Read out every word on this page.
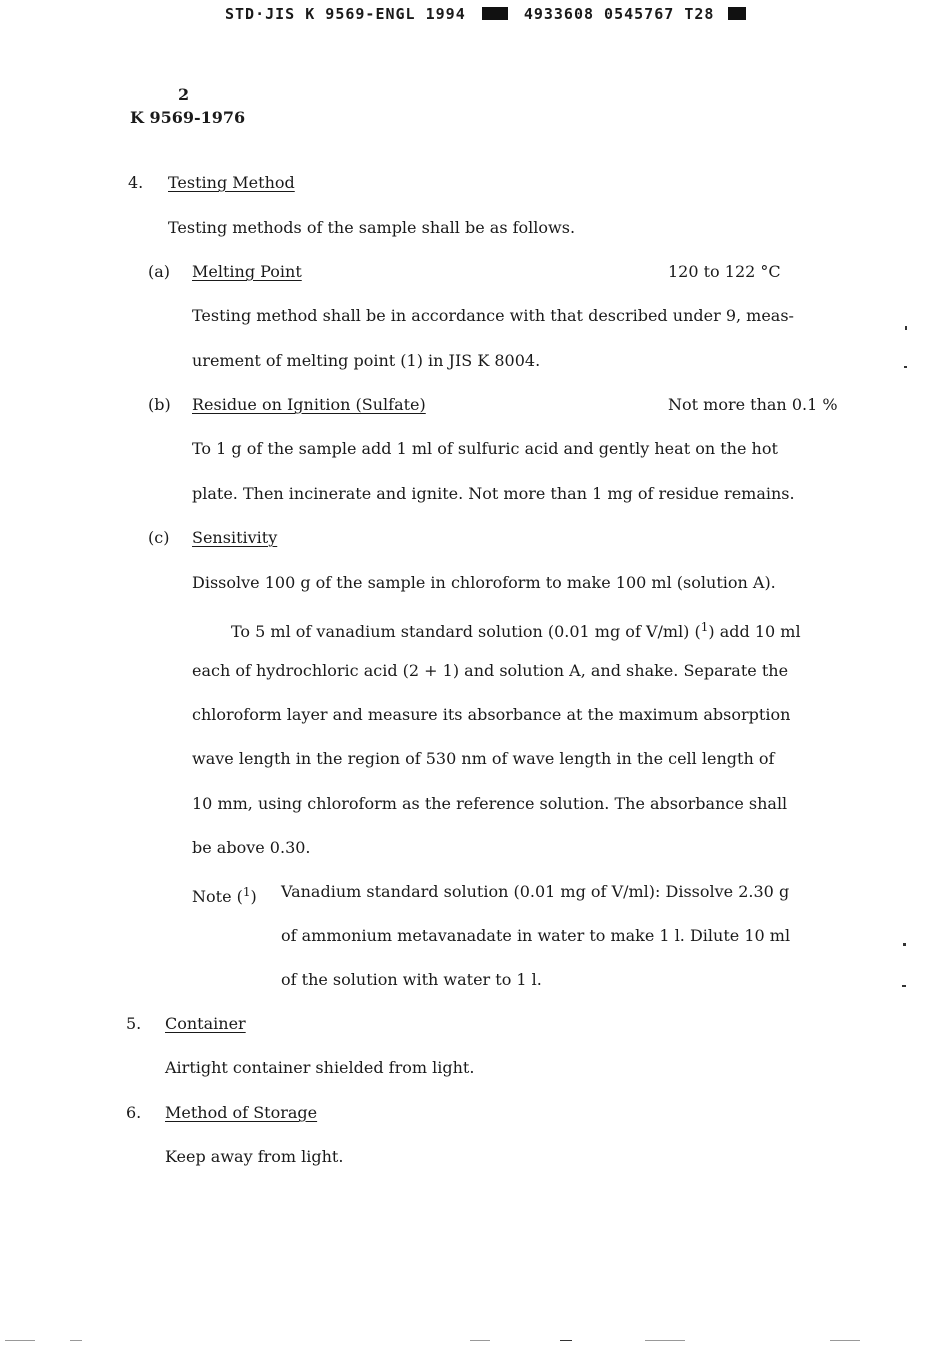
STD·JIS K 9569-ENGL 1994	4933608 0545767 T28
2
K 9569-1976
4. Testing Method
Testing methods of the sample shall be as follows.
(a) Melting Point	120 to 122 °C
Testing method shall be in accordance with that described under 9, meas-
urement of melting point (1) in JIS K 8004.
(b) Residue on Ignition (Sulfate)	Not more than 0.1 %
To 1 g of the sample add 1 ml of sulfuric acid and gently heat on the hot
plate. Then incinerate and ignite. Not more than 1 mg of residue remains.
(c) Sensitivity
Dissolve 100 g of the sample in chloroform to make 100 ml (solution A).
To 5 ml of vanadium standard solution (0.01 mg of V/ml) ($^1$) add 10 ml
each of hydrochloric acid (2 + 1) and solution A, and shake. Separate the
chloroform layer and measure its absorbance at the maximum absorption
wave length in the region of 530 nm of wave length in the cell length of
10 mm, using chloroform as the reference solution. The absorbance shall
be above 0.30.
Note ($^1$) Vanadium standard solution (0.01 mg of V/ml): Dissolve 2.30 g
of ammonium metavanadate in water to make 1 l. Dilute 10 ml
of the solution with water to 1 l.
5. Container
Airtight container shielded from light.
6. Method of Storage
Keep away from light.
